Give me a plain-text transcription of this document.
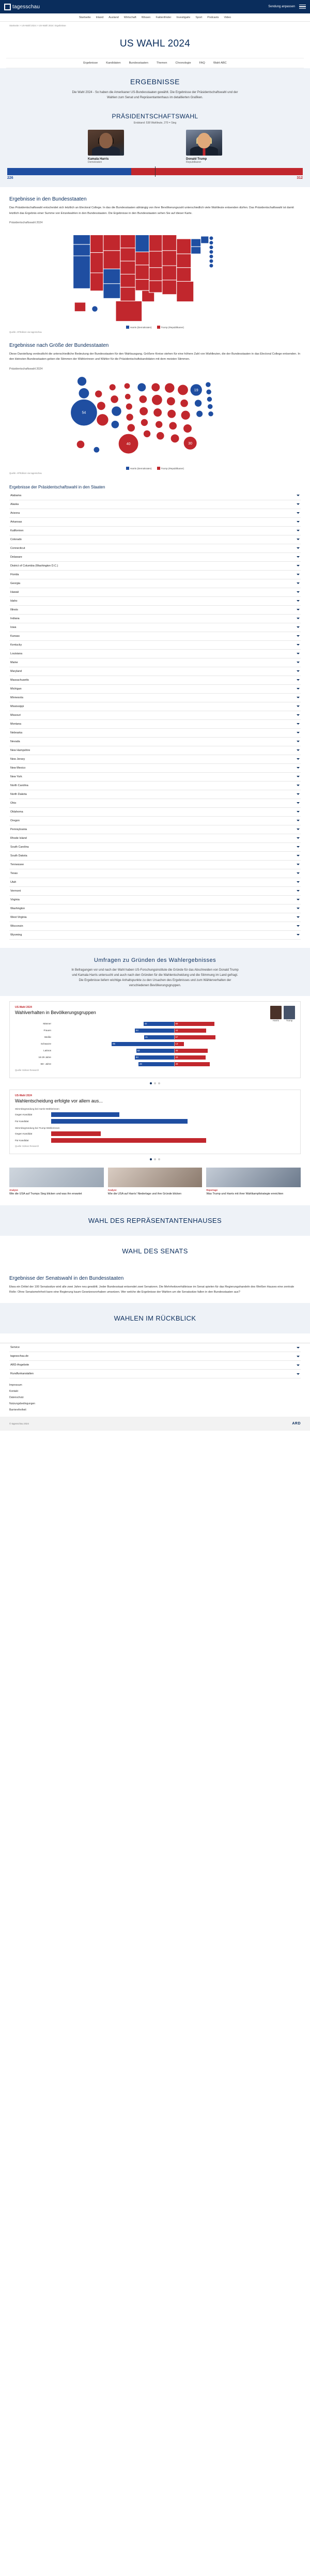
tagesschau	Sendung anpassen
Startseite Inland Ausland Wirtschaft Wissen Faktenfinder Investigativ Sport Podcasts Video
Startseite > US-Wahl 2024 > US-Wahl 2024: Ergebnisse
US WAHL 2024
Ergebnisse	Kandidaten	Bundesstaaten	Themen	Chronologie	FAQ	Wahl-ABC
ERGEBNISSE

Die Wahl 2024 - So haben die Amerikaner US-Bundesstaaten gewählt. Die Ergebnisse der Präsidentschaftswahl und der Wahlen zum Senat und Repräsentantenhaus im detaillierten Grafiken.

PRÄSIDENTSCHAFTSWAHL
Endstand: 538 Wahlleute, 270 = Sieg
Kamala Harris
Demokraten
Donald Trump
Republikaner
226	312
Ergebnisse in den Bundesstaaten

Das Präsidentschaftswahl entscheidet sich letztlich an Electoral College. In das die Bundesstaaten abhängig von ihrer Bevölkerungszahl unterschiedlich viele Wahlleute entsenden dürfen. Das Präsidentschaftswahl ist damit letztlich das Ergebnis einer Summe von Einzelwahlen in den Bundesstaaten. Die Ergebnisse in den Bundesstaaten sehen Sie auf dieser Karte.

Präsidentschaftswahl 2024
Harris (Demokraten)	Trump (Republikaner)
Quelle: AP/Edison via tagesschau
Ergebnisse nach Größe der Bundesstaaten

Diese Darstellung verdeutlicht die unterschiedliche Bedeutung der Bundesstaaten für den Wahlausgang. Größere Kreise stehen für eine höhere Zahl von Wahlleuten, die der Bundesstaaten in das Electoral College entsenden. In den kleinsten Bundesstaaten geben die Stimmen der Wählerinnen und Wähler für die Präsidentschaftskandidaten mit dem meisten Stimmen.

Präsidentschaftswahl 2024
54
40
19
30
Harris (Demokraten)	Trump (Republikaner)
Quelle: AP/Edison via tagesschau
Ergebnisse der Präsidentschaftswahl in den Staaten
Alabama
Alaska
Arizona
Arkansas
Kalifornien
Colorado
Connecticut
Delaware
District of Columbia (Washington D.C.)
Florida
Georgia
Hawaii
Idaho
Illinois
Indiana
Iowa
Kansas
Kentucky
Louisiana
Maine
Maryland
Massachusetts
Michigan
Minnesota
Mississippi
Missouri
Montana
Nebraska
Nevada
New Hampshire
New Jersey
New Mexico
New York
North Carolina
North Dakota
Ohio
Oklahoma
Oregon
Pennsylvania
Rhode Island
South Carolina
South Dakota
Tennessee
Texas
Utah
Vermont
Virginia
Washington
West Virginia
Wisconsin
Wyoming
Umfragen zu Gründen des Wahlergebnisses

In Befragungen vor und nach der Wahl haben US-Forschungsinstitute die Gründe für das Abschneiden von Donald Trump und Kamala Harris untersucht und auch nach den Gründen für die Wahlentscheidung und die Stimmung im Land gefragt. Die Ergebnisse liefern wichtige Anhaltspunkte zu den Ursachen des Ergebnisses und zum Wählerverhalten der verschiedenen Bevölkerungsgruppen.

US-Wahl 2024
Wahlverhalten in Bevölkerungsgruppen
Harris	Trump
Männer	42	55
Frauen	54	44
Weiße	41	57
Schwarze	86	13
Latinos	52	46
18-29 Jahre	54	43
65+ Jahre	49	49
Quelle: Edison Research
US-Wahl 2024
Wahlentscheidung erfolgte vor allem aus...
Stimmbegründung bei Harris-Wählerinnen
Gegen Kandidat	33
Für Kandidat	66
Stimmbegründung bei Trump-Wählerinnen
Gegen Kandidat	24
Für Kandidat	75
Quelle: Edison Research
Analyse
Wie die USA auf Trumps Sieg blicken und was ihn erwartet
Analyse
Wie die USA auf Harris' Niederlage und ihre Gründe blicken
Reportage
Was Trump und Harris mit ihrer Wahlkampfstrategie erreichten
WAHL DES REPRÄSENTANTENHAUSES
WAHL DES SENATS
Ergebnisse der Senatswahl in den Bundesstaaten

Etwa ein Drittel der 100 Senatssitze wird alle zwei Jahre neu gewählt. Jeder Bundesstaat entsendet zwei Senatoren. Die Mehrheitsverhältnisse im Senat spielen für das Regierungshandeln des Weißen Hauses eine zentrale Rolle: Ohne Senatsmehrheit kann eine Regierung kaum Gesetzesvorhaben umsetzen. Wer welche die Ergebnisse der Wahlen um die Senatssitze fallen in den Bundesstaaten aus?

WAHLEN IM RÜCKBLICK
Service
tagesschau.de
ARD-Angebote
Rundfunkanstalten
Impressum
Kontakt
Datenschutz
Nutzungsbedingungen
Barrierefreiheit
© tagesschau 2024	ARD
